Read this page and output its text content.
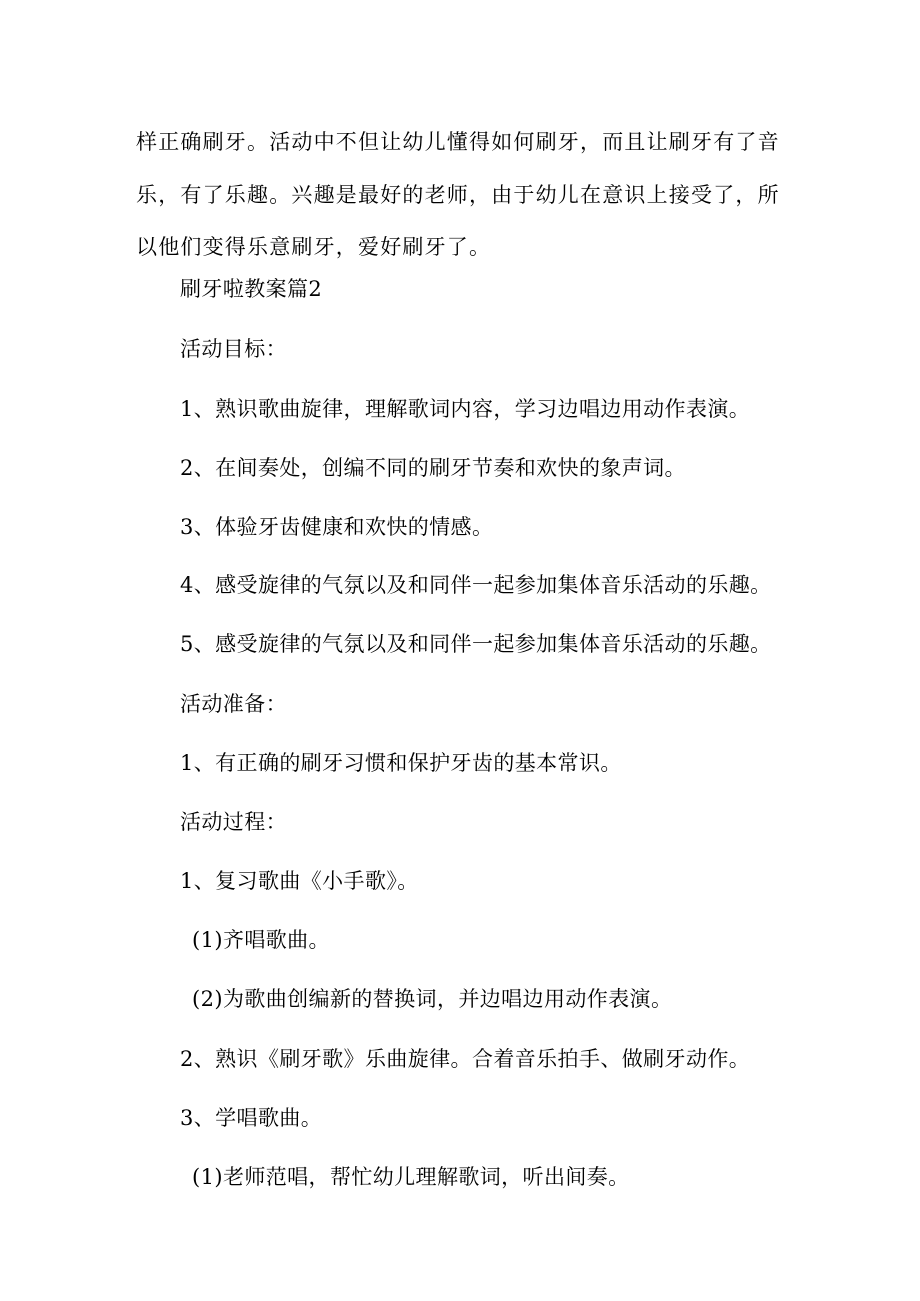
样正确刷牙。活动中不但让幼儿懂得如何刷牙，而且让刷牙有了音乐，有了乐趣。兴趣是最好的老师，由于幼儿在意识上接受了，所以他们变得乐意刷牙，爱好刷牙了。
刷牙啦教案篇2
活动目标：
1、熟识歌曲旋律，理解歌词内容，学习边唱边用动作表演。
2、在间奏处，创编不同的刷牙节奏和欢快的象声词。
3、体验牙齿健康和欢快的情感。
4、感受旋律的气氛以及和同伴一起参加集体音乐活动的乐趣。
5、感受旋律的气氛以及和同伴一起参加集体音乐活动的乐趣。
活动准备：
1、有正确的刷牙习惯和保护牙齿的基本常识。
活动过程：
1、复习歌曲《小手歌》。
(1)齐唱歌曲。
(2)为歌曲创编新的替换词，并边唱边用动作表演。
2、熟识《刷牙歌》乐曲旋律。合着音乐拍手、做刷牙动作。
3、学唱歌曲。
(1)老师范唱，帮忙幼儿理解歌词，听出间奏。
